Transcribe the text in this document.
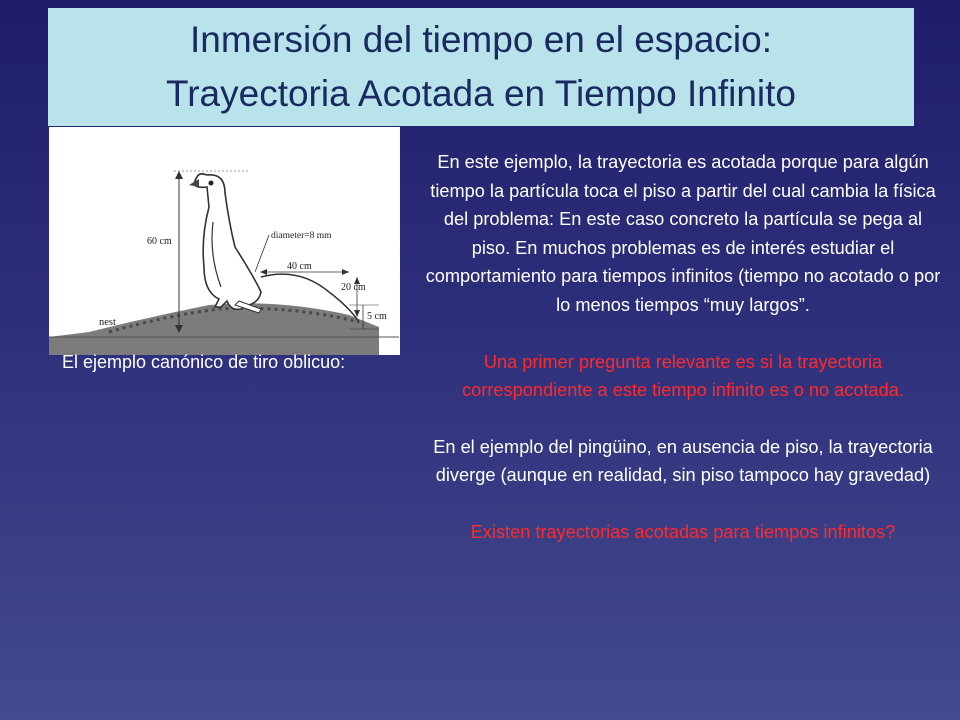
Inmersión del tiempo en el espacio:
Trayectoria Acotada en Tiempo Infinito
60 cm	diameter=8 mm
40 cm
20 cm
5 cm
nest
El ejemplo canónico de tiro oblicuo:

En este ejemplo, la trayectoria es acotada porque para algún tiempo la partícula toca el piso a partir del cual cambia la física del problema: En este caso concreto la partícula se pega al piso. En muchos problemas es de interés estudiar el comportamiento para tiempos infinitos (tiempo no acotado o por lo menos tiempos “muy largos”.

Una primer pregunta relevante es si la trayectoria correspondiente a este tiempo infinito es o no acotada.

En el ejemplo del pingüino, en ausencia de piso, la trayectoria diverge (aunque en realidad, sin piso tampoco hay gravedad)

Existen trayectorias acotadas para tiempos infinitos?
